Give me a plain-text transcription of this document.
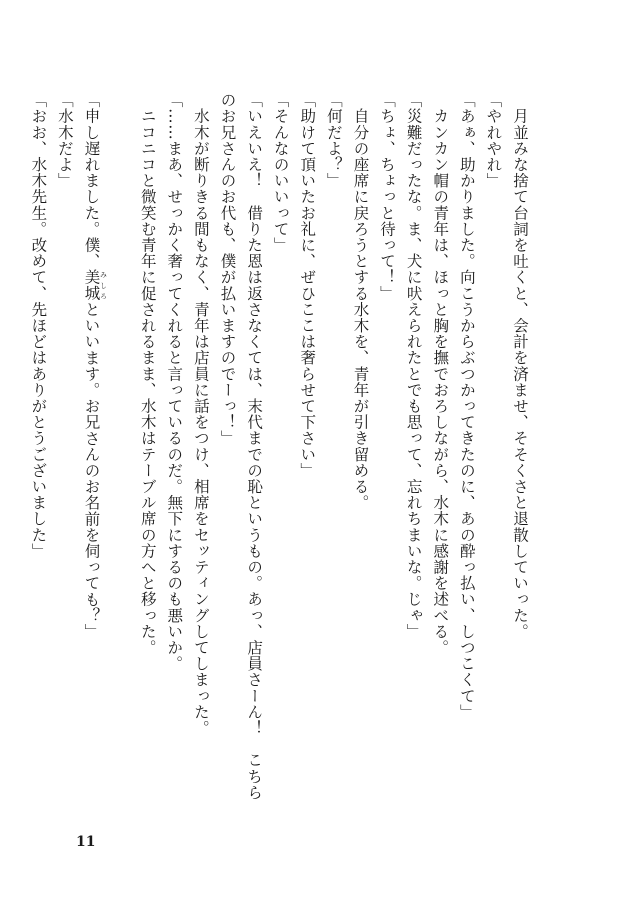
　月並みな捨て台詞を吐くと、会計を済ませ、そそくさと退散していった。
「やれやれ」
「あぁ、助かりました。向こうからぶつかってきたのに、あの酔っ払い、しつこくて」
　カンカン帽の青年は、ほっと胸を撫でおろしながら、水木に感謝を述べる。
「災難だったな。ま、犬に吠えられたとでも思って、忘れちまいな。じゃ」
「ちょ、ちょっと待って！」
　自分の座席に戻ろうとする水木を、青年が引き留める。
「何だよ？」
「助けて頂いたお礼に、ぜひここは奢らせて下さい」
「そんなのいいって」
「いえいえ！　借りた恩は返さなくては、末代までの恥というもの。あっ、店員さーん！　こちら
のお兄さんのお代も、僕が払いますのでーっ！」
　水木が断りきる間もなく、青年は店員に話をつけ、相席をセッティングしてしまった。
「……まあ、せっかく奢ってくれると言っているのだ。無下にするのも悪いか。
　ニコニコと微笑む青年に促されるまま、水木はテーブル席の方へと移った。

「申し遅れました。僕、美城 みしろといいます。お兄さんのお名前を伺っても？」
「水木だよ」
「おお、水木先生。改めて、先ほどはありがとうございました」
11
